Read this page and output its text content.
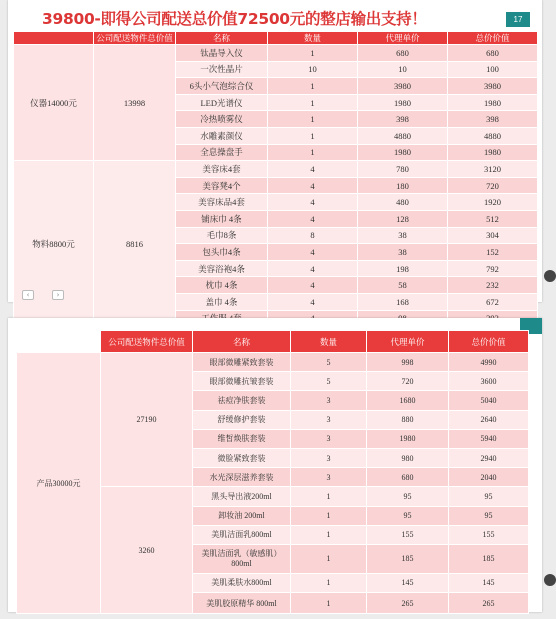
39800-即得公司配送总价值72500元的整店输出支持！	17
	公司配送物件总价值	名称	数量	代理单价	总价价值
仪器14000元	13998	钛晶导入仪	1	680	680
		一次性晶片	10	10	100
		6头小气泡综合仪	1	3980	3980
		LED光谱仪	1	1980	1980
		冷热喷雾仪	1	398	398
		水雕素颜仪	1	4880	4880
		全息操盘手	1	1980	1980
物料8800元	8816	美容床4套	4	780	3120
		美容凳4个	4	180	720
		美容床品4套	4	480	1920
		铺床巾 4条	4	128	512
		毛巾8条	8	38	304
		包头巾4条	4	38	152
		美容浴袍4条	4	198	792
		枕巾 4条	4	58	232
		盖巾 4条	4	168	672

‹	›
	公司配送物件总价值	名称	数量	代理单价	总价价值
产品30000元	27190	眼部微雕紧致套装	5	998	4990
		眼部微雕抗皱套装	5	720	3600
		祛痘净肤套装	3	1680	5040
		舒缓修护套装	3	880	2640
		维皙焕肤套装	3	1980	5940
		微脸紧致套装	3	980	2940
		水光深层滋养套装	3	680	2040
	3260	黑头导出液200ml	1	95	95
		卸妆油 200ml	1	95	95
		美肌洁面乳800ml	1	155	155
		美肌洁面乳（敏感肌）800ml	1	185	185
		美肌柔肤水800ml	1	145	145
		美肌胶原精华 800ml	1	265	265
